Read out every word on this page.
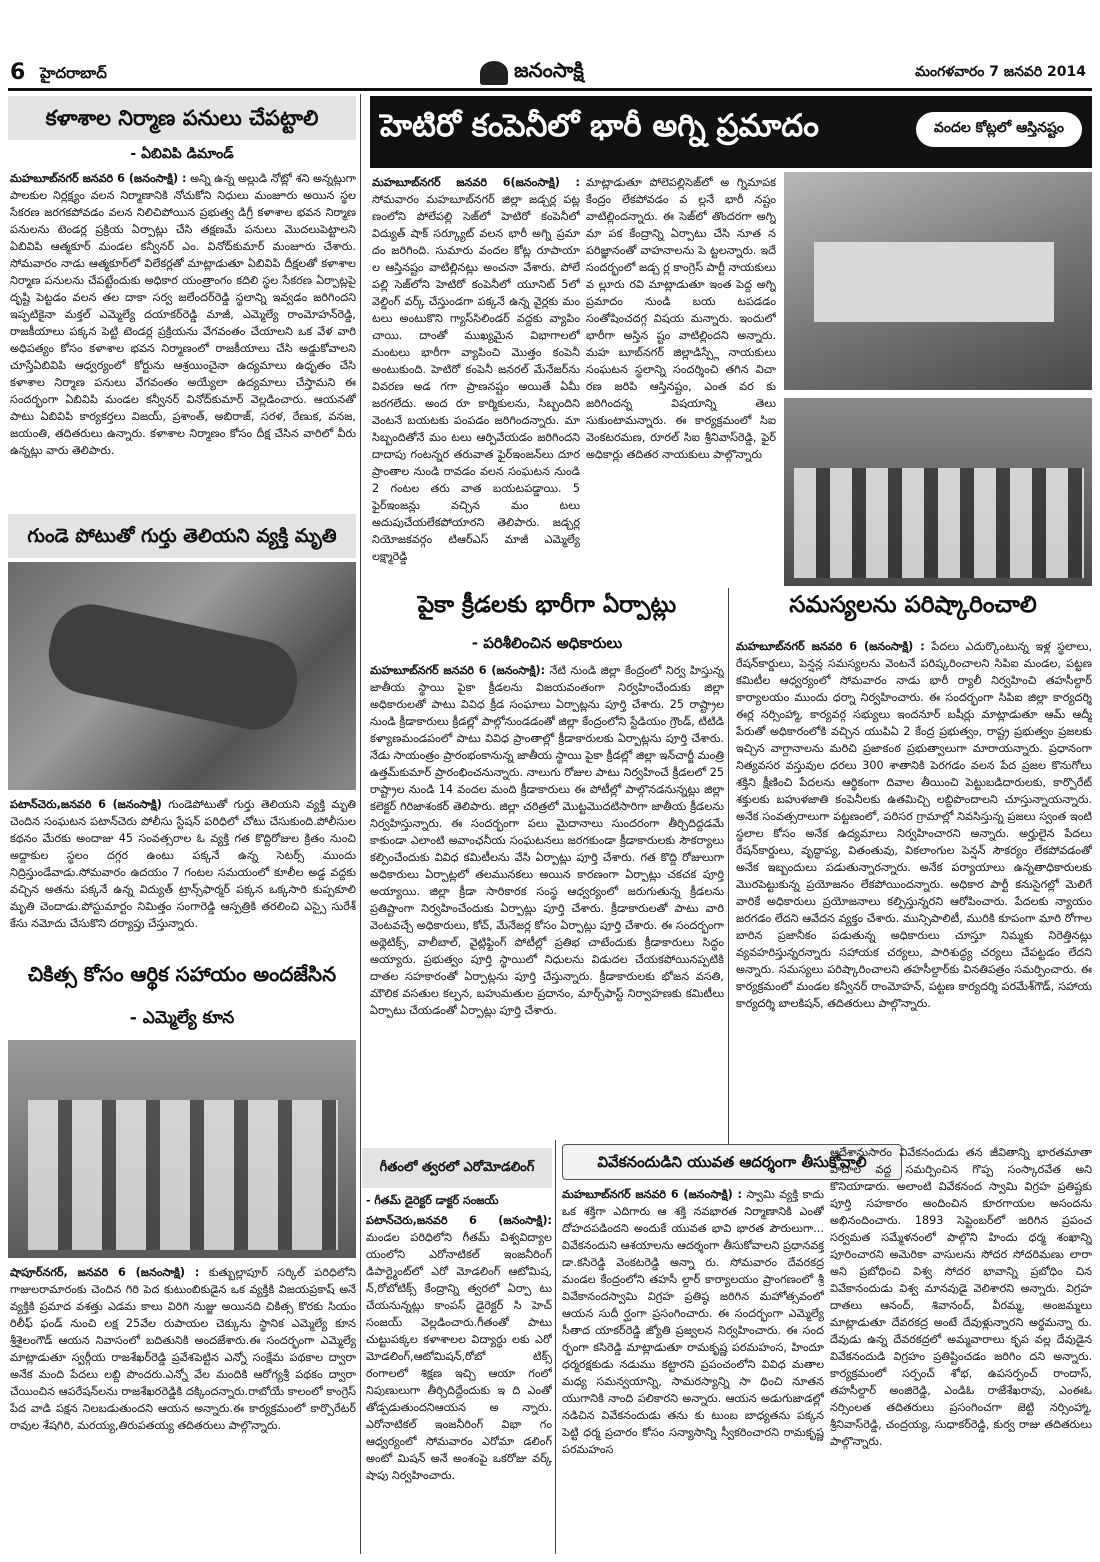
6 హైదరాబాద్	జనంసాక్షి	మంగళవారం 7 జనవరి 2014
కళాశాల నిర్మాణ పనులు చేపట్టాలి
- ఏబివిపి డిమాండ్
మహబూబ్‌నగర్ జనవరి 6 (జనంసాక్షి) : అన్ని ఉన్న అల్లుడి నోట్లో శని అన్నట్లుగా పాలకుల నిర్లక్ష్యం వలన నిర్మాణానికి నోచుకోని నిధులు మంజూరు అయిన స్థల సేకరణ జరగకపోవడం వలన నిలిచిపోయిన ప్రభుత్వ డిగ్రీ కళాశాల భవన నిర్మాణ పనులను టెండర్ల ప్రక్రియ ఏర్పాట్లు చేసి తక్షణమే పనులు మొదలుపెట్టాలని ఏబివిపి ఆత్మకూర్ మండల కన్వీనర్ ఎం. వినోద్‌కుమార్ మంజూరు చేశారు. సోమవారం నాడు ఆత్మకూర్‌లో విలేకర్లతో మాట్లాడుతూ ఏబివిపి దీక్షలతో కళాశాల నిర్మాణ పనులను చేపట్టేందుకు అధికార యంత్రాంగం కదిలి స్థల సేకరణ ఏర్పాట్లపై దృష్టి పెట్టడం వలన తల దాకా సర్వ జలేందర్‌రెడ్డి స్థలాన్ని ఇవ్వడం జరిగిందని ఇప్పటికైనా మక్తల్ ఎమ్మెల్యే దయాకర్‌రెడ్డి మాజీ, ఎమ్మెల్యే రాంమోహన్‌రెడ్డి, రాజకీయాలు పక్కన పెట్టి టెండర్ల ప్రక్రియను వేగవంతం చేయాలని ఒక వేళ వారి అధిపత్యం కోసం కళాశాల భవన నిర్మాణంలో రాజకీయాలు చేసి అడ్డుకోవాలని చూస్తేఏబివిపి ఆధ్వర్యంలో కోర్టును ఆశ్రయించైనా ఉద్యమాలు ఉధృతం చేసి కళాశాల నిర్మాణ పనులు వేగవంతం అయ్యేలా ఉద్యమాలు చేస్తామని ఈ సందర్భంగా ఏబివిపి మండల కన్వీనర్ వినోద్‌కుమార్ వెల్లడించారు. ఆయనతో పాటు ఏబివిపి కార్యకర్తలు విజయ్, ప్రశాంత్, అబిరాజ్, సరళ, రేణుక, వనజ, జయంతి, తదితరులు ఉన్నారు. కళాశాల నిర్మాణం కోసం దీక్ష చేసిన వారిలో వీరు ఉన్నట్లు వారు తెలిపారు.
గుండె పోటుతో గుర్తు తెలియని వ్యక్తి మృతి
పటాన్‌చెరు,జనవరి 6 (జనంసాక్షి) గుండెపోటుతో గుర్తు తెలియని వ్యక్తి మృతి చెందిన సంఘటన పటాన్‌చెరు పోలీసు స్టేషన్ పరిధిలో చోటు చేసుకుంది.పోలీసుల కథనం మేరకు అందాజు 45 సంవత్సరాల ఓ వ్యక్తి గత కొద్దిరోజుల క్రితం నుంచి అద్దాకుల స్థలం దగ్గర ఉంటు పక్కనే ఉన్న సెటర్స్ ముందు నిద్రిస్తుండేవాడు.సోమవారం ఉదయం 7 గంటల సమయంలో కూలీల అడ్డ వద్దకు వచ్చిన అతను పక్కనే ఉన్న విద్యుత్ ట్రాన్స్‌ఫార్మర్ పక్కన ఒక్కసారి కుప్పకూలి మృతి చెందాడు.పోస్టుమార్టం నిమిత్తం సంగారెడ్డి ఆస్పత్రికి తరలించి ఎస్సై సురేశ్ కేసు నమోదు చేసుకొని దర్యాప్తు చేస్తున్నారు.
చికిత్స కోసం ఆర్థిక సహాయం అందజేసిన
- ఎమ్మెల్యే కూన
షాపూర్‌నగర్, జనవరి 6 (జనంసాక్షి) : కుత్బుల్లాపూర్ సర్కిల్ పరిధిలోని గాజులరామారంకు చెందిన గిరి పెద కుటుంబికుడైన ఒక వ్యక్తికి విజయప్రకాష్ అనే వ్యక్తికి ప్రమాద వశత్తు ఎడమ కాలు విరిగి నుజ్జు అయినది చికిత్స కొరకు సియం రిలీఫ్ ఫండ్ నుంచి లక్ష 25వేల రుపాయల చెక్కును స్థానిక ఎమ్మెల్యే కూన శ్రీశైలంగౌడ్ ఆయన నివాసంలో బదితునికి అందజేశారు.ఈ సందర్భంగా ఎమ్మెల్యే మాట్లాడుతూ స్వర్గీయ రాజశేఖర్‌రెడ్డి ప్రవేశపెట్టిన ఎన్నో సంక్షేమ పథకాల ద్వారా అనేక మంది పేదలు లబ్ది పొందరు.ఎన్నో వేల మందికి ఆరోగ్యశ్రీ పథకం ద్వారా చేయించిన ఆపరేషన్‌లను రాజశేఖరరెడ్డికి దక్కిందన్నారు.రాబోయే కాలంలో కాంగ్రెస్ పేద వాడి పక్షన నిలబడుతుందని ఆయన అన్నారు.ఈ కార్యక్రమంలో కార్పొరేటర్ రావుల శేషగిరి, మరయ్య,తిరుపతయ్య తదితరులు పాల్గొన్నారు.
హెటిరో కంపెనీలో భారీ అగ్ని ప్రమాదం	వందల కోట్లలో ఆస్తినష్టం
మహబూబ్‌నగర్ జనవరి 6(జనంసాక్షి) : సోమవారం మహబూబ్‌నగర్ జిల్లా జడ్చర్ల పట్ల ణంలోని పోలేపల్లి సెజ్‌లో హెటిరో కంపెనీలో విద్యుత్ షాక్ సర్క్యూట్ వలన భారీ అగ్ని ప్రమా దం జరిగింది. సుమారు వందల కోట్ల రూపాయా ల ఆస్తినష్టం వాటిల్లినట్లు అంచనా వేశారు. పోలే పల్లి సెజ్‌లోని హెటిరో కంపెనీలో యూనిట్ 5లో వెల్డింగ్ వర్క్ చేస్తుండగా పక్కనే ఉన్న వైర్లకు మం టలు అంటుకొని గ్యాస్‌సిలిండర్ వద్దకు వ్యాపిం చాయి. దాంతో ముఖ్యమైన విభాగాలలో మంటలు భారీగా వ్యాపించి మొత్తం కంపెనీ అంటుకుంది. హెటిరో కంపెనీ జనరల్ మేనేజర్‌ను వివరణ అడ గగా ప్రాణనష్టం అయితే ఏమీ జరగలేదు. అంద రూ కార్మికులను, సిబ్బందిని వెంటనే బయటకు పంపడం జరిగిందన్నారు. మా సిబ్బందితోనే మం టలు ఆర్పివేయడం జరిగిందని దాదాపు గంటన్నర తరువాత ఫైర్‌ఇంజన్‌లు దూర ప్రాంతాల నుండి రావడం వలన సంఘటన నుండి 2 గంటల తరు వాత బయటపడ్డాయి. 5 ఫైర్‌ఇంజన్లు వచ్చిన మం టలు అదుపుచేయలేకపోయారని తెలిపారు. జడ్చర్ల నియోజకవర్గం టిఆర్‌ఎస్ మాజీ ఎమ్మెల్యే లక్ష్మారెడ్డి
మాట్లాడుతూ పోలెపల్లిసెజ్‌లో అ గ్నిమాపక కేంద్రం లేకపోవడం వ ల్లనే భారీ నష్టం వాటిల్లిందన్నారు. ఈ సెజ్‌లో తొందరగా అగ్ని మా పక కేంద్రాన్ని ఏర్పాటు చేసి నూత న పరిజ్ఞానంతో వాహనాలను పె ట్టలన్నారు. ఇదే సందర్భంలో జడ్చ ర్ల కాంగ్రెస్ పార్టీ నాయకులు వ ల్లూరు రవి మాట్లాడుతూ ఇంత పెద్ద అగ్ని ప్రమాదం నుండి బయ టపడడం సంతోషించదగ్గ విషయ మన్నారు. ఇందులో భారీగా అస్తిన ష్టం వాటిల్లిందని అన్నారు. మహ బూబ్‌నగర్ జిల్లాడిస్ప్లే నాయకులు సంఘటన స్థలాన్ని సందర్శించి తగిన విచా రణ జరిపి ఆస్తినష్టం, ఎంత వర కు జరిగిందన్న విషయాన్ని తెలు సుకుంటామన్నారు. ఈ కార్యక్రమంలో సిఐ వెంకటరమణ, రూరల్ సిఐ శ్రీనివాస్‌రెడ్డి, ఫైర్ అధికార్లు తదితర నాయకులు పాల్గొన్నారు
పైకా క్రీడలకు భారీగా ఏర్పాట్లు
- పరిశీలించిన అధికారులు
మహబూబ్‌నగర్ జనవరి 6 (జనంసాక్షి): నేటి నుండి జిల్లా కేంద్రంలో నిర్వ హిస్తున్న జాతీయ స్థాయి పైకా క్రీడలను విజయవంతంగా నిర్వహించేందుకు జిల్లా అధికారులతో పాటు వివిధ క్రీడ సంఘాలు ఏర్పాట్లను పూర్తి చేశారు. 25 రాష్ట్రాల నుండి క్రీడాకారులు క్రీడల్లో పాల్గోనుండడంతో జిల్లా కేంద్రంలోని స్టేడియం గ్రౌండ్, టిటిడి కళ్యాణమండపంలో పాటు వివిధ ప్రాంతాల్లో క్రీడాకారులకు ఏర్పాట్లను పూర్తి చేశారు. నేడు సాయంత్రం ప్రారంభంకానున్న జాతీయ స్థాయి పైకా క్రీడల్లో జిల్లా ఇన్‌చార్జీ మంత్రి ఉత్తమ్‌కుమార్ ప్రారంభించనున్నారు. నాలుగు రోజుల పాటు నిర్వహించే క్రీడలలో 25 రాష్ట్రాల నుండి 14 వందల మంది క్రీడాకారులు ఈ పోటీల్లో పాల్గొనడనున్నట్లు జిల్లా కలెక్టర్ గిరిజాశంకర్ తెలిపారు. జిల్లా చరిత్రలో మొట్టమొదటిసారిగా జాతీయ క్రీడలను నిర్వహిస్తున్నారు. ఈ సందర్భంగా పలు మైదానాలు సుందరంగా తీర్చిదిద్దడమే కాకుండా ఎలాంటి అవాంఛనీయ సంఘటనలు జరగకుండా క్రీడాకారులకు సౌకర్యాలు కల్పించేందుకు వివిధ కమిటీలను వేసి ఏర్పాట్లు పూర్తి చేశారు. గత కొద్ది రోజులుగా అధికారులు ఏర్పాట్లలో తలమునకలు అయిన కారణంగా ఏర్పాట్లు చకచక పూర్తి అయ్యాయి. జిల్లా క్రీడా సారికారక సంస్థ ఆధ్వర్యంలో జరుగుతున్న క్రీడలను ప్రతిష్టాంగా నిర్వహించేందుకు ఏర్పాట్లు పూర్తి చేశారు. క్రీడాకారులతో పాటు వారి వెంటవచ్చే అధికారులు, కోచ్, మేనేజర్ల కోసం ఏర్పాట్లు పూర్తి చేశారు. ఈ సందర్భంగా అథ్లెటిక్స్, వాలీబాల్, వైట్లిఫ్టింగ్ పోటీల్లో ప్రతిభ చాటేందుకు క్రీడాకారులు సిద్ధం అయ్యారు. ప్రభుత్వం పూర్తి స్థాయిలో నిధులను విడుదల చేయకపోయినప్పటికి దాతల సహకారంతో ఏర్పాట్లను పూర్తి చేస్తున్నారు. క్రీడాకారులకు భోజన వసతి, మౌలిక వసతుల కల్పన, బహుమతుల ప్రదానం, మార్చ్‌ఫాస్ట్ నిర్వాహణకు కమిటీలు ఏర్పాటు చేయడంతో ఏర్పాట్లు పూర్తి చేశారు.
సమస్యలను పరిష్కారించాలి
మహబూబ్‌నగర్ జనవరి 6 (జనంసాక్షి) : పేదలు ఎదుర్కొంటున్న ఇళ్ల స్థలాలు, రేషన్‌కార్డులు, పెన్షన్ల సమస్యలను వెంటనే పరిష్కరించాలని సిపిఐ మండల, పట్టణ కమిటీల ఆధ్వర్యంలో సోమవారం నాడు భారీ ర్యాలీ నిర్వహించి తహసీల్దార్ కార్యాలయం ముందు ధర్నా నిర్వహించారు. ఈ సందర్భంగా సిపిఐ జిల్లా కార్యదర్శి ఈర్ల నర్సింహ్మా, కార్యవర్గ సభ్యులు ఇందనూర్ బషీర్లు మాట్లాడుతూ ఆమ్ ఆద్మీ పేరుతో అధికారంలోకి వచ్చిన యుపిఏ 2 కేంద్ర ప్రభుత్వం, రాష్ట్ర ప్రభుత్వం ప్రజలకు ఇచ్చిన వాగ్దానాలను మరిచి ప్రజాకంఠ ప్రభుత్వాలుగా మారాయన్నారు. ప్రధానంగా నిత్యవసర వస్తువుల ధరలు 300 శాతానికి పెరగడం వలన పేద ప్రజల కొనుగోలు శక్తిని క్షీణించి పేదలను ఆర్థికంగా దివాల తీయించి పెట్టుబడిదారులకు, కార్పొరేట్ శక్తులకు బహుళజాతి కంపెనీలకు ఉతమిచ్చి లబ్దిపొందాలని చూస్తున్నాయన్నారు. అనేక సంవత్సరాలుగా పట్టణంలో, పరిసర గ్రామాల్లో నివసిస్తున్న ప్రజలు స్వంత ఇంటి స్థలాల కోసం అనేక ఉద్యమాలు నిర్వహించారని అన్నారు. అర్హులైన పేదలు రేషన్‌కార్డులు, వృద్ధాప్య, వితంతువు, వికలాంగుల పెన్షన్ సౌకర్యం లేకపోవడంతో అనేక ఇబ్బందులు పడుతున్నారన్నారు. అనేక పర్యాయాలు ఉన్నతాధికారులకు మొరపెట్టుకున్న ప్రయోజనం లేకపోయిందన్నారు. అధికార పార్టీ కనుసైగల్లో మెలిగే వారికే అధికారులు ప్రయోజనాలు కల్పిస్తున్నరని ఆరోపించారు. పేదలకు న్యాయం జరగడం లేదని ఆవేదన వ్యక్తం చేశారు. మున్సిపాలిటీ, మురికి కూపంగా మారి రోగాల బారిన ప్రజానీకం పడుతున్న అధికారులు చూస్తూ నిమ్మకు నిరెత్తినట్లు వ్యవహరిస్తున్నరన్నారు సహాయక చర్యలు, పారిశుద్ధ్య చర్యలు చేపట్టడం లేదని అన్నారు. సమస్యలు పరిష్కారించాలని తహసీల్దార్‌కు వినతిపత్రం సమర్పించారు. ఈ కార్యక్రమంలో మండల కన్వీనర్ రాంమోహన్, పట్టణ కార్యదర్శి పరమేశ్‌గౌడ్, సహాయ కార్యదర్శి బాలకిషన్, తదితరులు పాల్గొన్నారు.
గీతంలో త్వరలో ఎరోమోడలింగ్
- గీతమ్ డైరెక్టర్ డాక్టర్ సంజయ్
పటాన్‌చెరు,జనవరి 6 (జనంసాక్షి): మండల పరిధిలోని గీతమ్ విశ్వవిద్యాల యంలోని ఎరోనాటికల్ ఇంజనీరింగ్ డిపార్ట్మెంట్‌లో ఎరో మోడలింగ్ ఆటోమిష, న్,రోబోటిక్స్ కేంద్రాన్ని త్వరలో ఏర్పా టు చేయనున్నట్లు కాంపస్ డైరెక్టర్ సి హెచ్ సంజయ్ వెల్లడించారు.గీతంతో పాటు చుట్టుపక్కల కళాశాలల విద్యార్ధు లకు ఎరో మోడలింగ్,ఆటోమిషన్,రోబో టిక్స్ రంగాలలో శిక్షణ ఇచ్చి ఆయా గంలో నిపుణులుగా తీర్చిదిద్దేందుకు ఇ ది ఎంతో తోడ్పడుతుందనిఆయన అ న్నారు. ఎరోనాటికల్ ఇంజనీరింగ్ విభా గం ఆధ్వర్యంలో సోమవారం ఎరోమా డలింగ్ అంటో మిషన్ అనే అంశంపై ఒకరోజు వర్క్ షాపు నిర్వహించారు.
వివేకనందుడిని యువత ఆదర్శంగా తీసుకోవాలి
మహబూబ్‌నగర్ జనవరి 6 (జనంసాక్షి) : స్వామి వ్యక్తి కాదు ఒక శక్తిగా ఎదిగారు ఆ శక్తి నవభారత నిర్మాణానికి ఎంతో దోహదపడిందని అందుకే యువత భావి భారత పౌరులుగా... వివేకనందుని ఆశయాలను ఆదర్శంగా తీసుకోవాలని ప్రధానవక్త డా.కసిరెడ్డి వెంకటరెడ్డి అన్నా రు. సోమవారం దేవరకద్ర మండల కేంద్రంలోని తహసీ ల్దార్ కార్యాలయం ప్రాంగణంలో శ్రీ వివేకానందస్వామి విగ్రహ ప్రతిష్ఠ జరిగిన మహోత్సవంలో ఆయన సుదీ ర్ఘంగా ప్రసంగించారు. ఈ సందర్భంగా ఎమ్మెల్యే సీతాద యాకర్‌రెడ్డి జ్యోతి ప్రజ్వలన నిర్వహించారు. ఈ సంద ర్భంగా కసిరెడ్డి మాట్లాడుతూ రామకృష్ణ పరమహంస, హిందూ ధర్మరక్షకుడు నడుము కట్టారని ప్రపంచంలోని వివిధ మతాల మధ్య సమన్వయాన్ని, సామరస్యాన్ని సా ధించి నూతన యుగానికి నాంది పలికారని అన్నారు. ఆయన అడుగుజాడల్లో నడిచిన వివేకనందుడు తను కు టుంబ బాధ్యతను పక్కన పెట్టి ధర్మ ప్రచారం కోసం సన్యాసాన్ని స్వీకరించారని రామకృష్ణ పరమహంస
ఆదేశానుసారం వివేకనందుడు తన జీవితాన్ని భారతమాతా పాదాల వద్ద సమర్పించిన గొప్ప సంస్కారవేత అని కొనియాడారు. అలాంటి వివేకనంద స్వామి విగ్రహ ప్రతిష్టకు పూర్తి సహకారం అందించిన కూరగాయల అసందను అభినందించారు. 1893 సెప్టెంబర్‌లో జరిగిన ప్రపంచ సర్వమత సమ్మేళనంలో పాల్గొని హిందు ధర్మ శంఖాన్ని పూరించారని అమెరికా వాసులను సోదర సోదరిమణు లారా అని ప్రబోధించి విశ్వ సోదర భావాన్ని ప్రబోధిం చిన వివేకానందుడు విశ్వ మానవుడై వెలిశారని అన్నారు. విగ్రహ దాతలు ఆనంద్, శివానంద్, వీరమ్మ, అంజమ్మలు మాట్లాడుతూ దేవరకద్ర అంటే దేవుళ్లున్నారని అర్థమన్నా రు. దేవుడు ఉన్న దేవరకద్రలో అమ్మవారాలు కృప వల్ల దేవుడైన వివేకనందుడి విగ్రహం ప్రతిష్టించడం జరిగిం దని అన్నారు. కార్యక్రమంలో సర్పంచ్ శోభ, ఉపసర్పంచ్ రాందాస్, తహసీల్దార్ అంజిరెడ్డి, ఎండిఓ రాజేశేఖరావు, ఎంఈఓ నర్సింలత తదితరులు ప్రసంగించగా జెట్టి నర్సింహ్మా, శ్రీనివాస్‌రెడ్డి, చంద్రయ్య, సుధాకర్‌రెడ్డి, కుర్వ రాజు తదితరులు పాల్గొన్నారు.
